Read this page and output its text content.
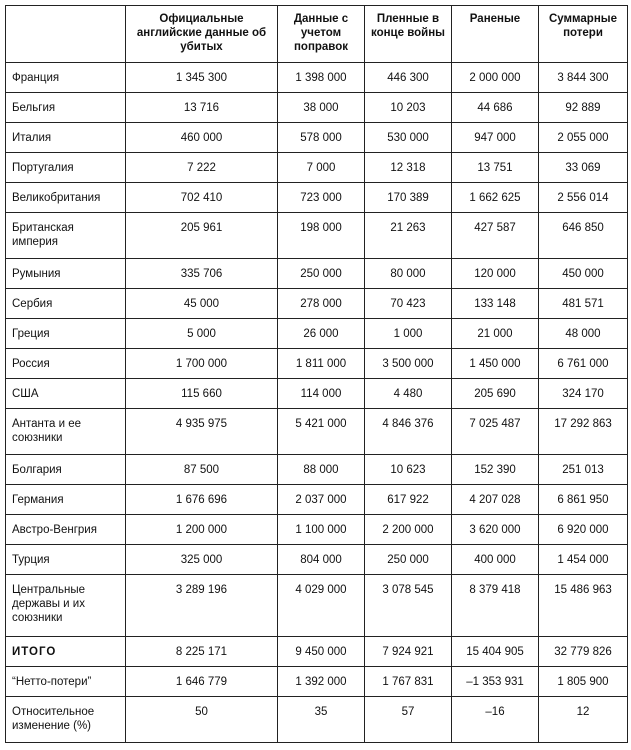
	Официальные английские данные об убитых	Данные с учетом поправок	Пленные в конце войны	Раненые	Суммарные потери
Франция	1 345 300	1 398 000	446 300	2 000 000	3 844 300
Бельгия	13 716	38 000	10 203	44 686	92 889
Италия	460 000	578 000	530 000	947 000	2 055 000
Португалия	7 222	7 000	12 318	13 751	33 069
Великобритания	702 410	723 000	170 389	1 662 625	2 556 014
Британская империя	205 961	198 000	21 263	427 587	646 850
Румыния	335 706	250 000	80 000	120 000	450 000
Сербия	45 000	278 000	70 423	133 148	481 571
Греция	5 000	26 000	1 000	21 000	48 000
Россия	1 700 000	1 811 000	3 500 000	1 450 000	6 761 000
США	115 660	114 000	4 480	205 690	324 170
Антанта и ее союзники	4 935 975	5 421 000	4 846 376	7 025 487	17 292 863
Болгария	87 500	88 000	10 623	152 390	251 013
Германия	1 676 696	2 037 000	617 922	4 207 028	6 861 950
Австро-Венгрия	1 200 000	1 100 000	2 200 000	3 620 000	6 920 000
Турция	325 000	804 000	250 000	400 000	1 454 000
Центральные державы и их союзники	3 289 196	4 029 000	3 078 545	8 379 418	15 486 963
ИТОГО	8 225 171	9 450 000	7 924 921	15 404 905	32 779 826
“Нетто-потери”	1 646 779	1 392 000	1 767 831	–1 353 931	1 805 900
Относительное изменение (%)	50	35	57	–16	12
